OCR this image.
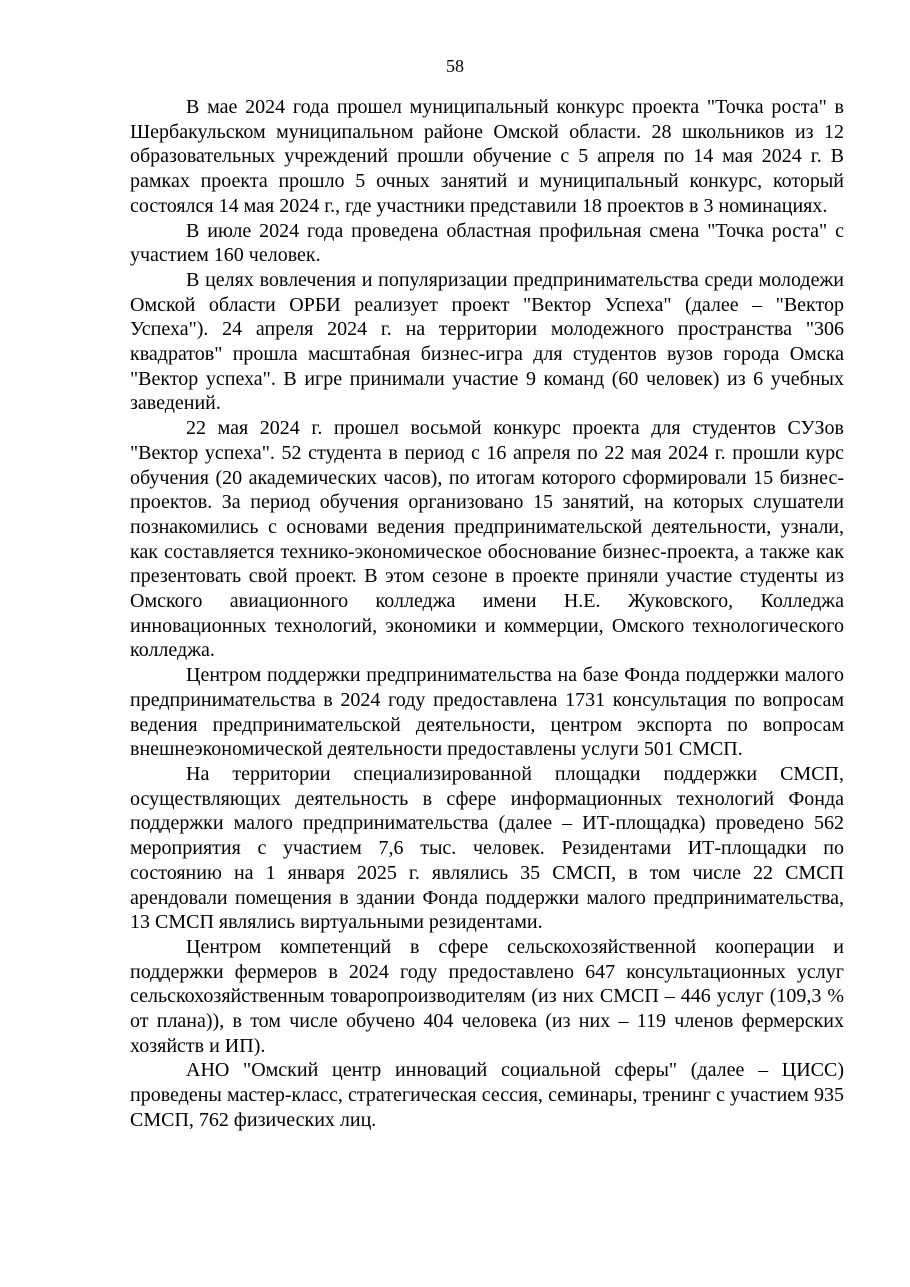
58

В мае 2024 года прошел муниципальный конкурс проекта "Точка роста" в Шербакульском муниципальном районе Омской области. 28 школьников из 12 образовательных учреждений прошли обучение с 5 апреля по 14 мая 2024 г. В рамках проекта прошло 5 очных занятий и муниципальный конкурс, который состоялся 14 мая 2024 г., где участники представили 18 проектов в 3 номинациях.

В июле 2024 года проведена областная профильная смена "Точка роста" с участием 160 человек.

В целях вовлечения и популяризации предпринимательства среди молодежи Омской области ОРБИ реализует проект "Вектор Успеха" (далее – "Вектор Успеха"). 24 апреля 2024 г. на территории молодежного пространства "306 квадратов" прошла масштабная бизнес-игра для студентов вузов города Омска "Вектор успеха". В игре принимали участие 9 команд (60 человек) из 6 учебных заведений.

22 мая 2024 г. прошел восьмой конкурс проекта для студентов СУЗов "Вектор успеха". 52 студента в период с 16 апреля по 22 мая 2024 г. прошли курс обучения (20 академических часов), по итогам которого сформировали 15 бизнес-проектов. За период обучения организовано 15 занятий, на которых слушатели познакомились с основами ведения предпринимательской деятельности, узнали, как составляется технико-экономическое обоснование бизнес-проекта, а также как презентовать свой проект. В этом сезоне в проекте приняли участие студенты из Омского авиационного колледжа имени Н.Е. Жуковского, Колледжа инновационных технологий, экономики и коммерции, Омского технологического колледжа.

Центром поддержки предпринимательства на базе Фонда поддержки малого предпринимательства в 2024 году предоставлена 1731 консультация по вопросам ведения предпринимательской деятельности, центром экспорта по вопросам внешнеэкономической деятельности предоставлены услуги 501 СМСП.

На территории специализированной площадки поддержки СМСП, осуществляющих деятельность в сфере информационных технологий Фонда поддержки малого предпринимательства (далее – ИТ-площадка) проведено 562 мероприятия с участием 7,6 тыс. человек. Резидентами ИТ-площадки по состоянию на 1 января 2025 г. являлись 35 СМСП, в том числе 22 СМСП арендовали помещения в здании Фонда поддержки малого предпринимательства, 13 СМСП являлись виртуальными резидентами.

Центром компетенций в сфере сельскохозяйственной кооперации и поддержки фермеров в 2024 году предоставлено 647 консультационных услуг сельскохозяйственным товаропроизводителям (из них СМСП – 446 услуг (109,3 % от плана)), в том числе обучено 404 человека (из них – 119 членов фермерских хозяйств и ИП).

АНО "Омский центр инноваций социальной сферы" (далее – ЦИСС) проведены мастер-класс, стратегическая сессия, семинары, тренинг с участием 935 СМСП, 762 физических лиц.
